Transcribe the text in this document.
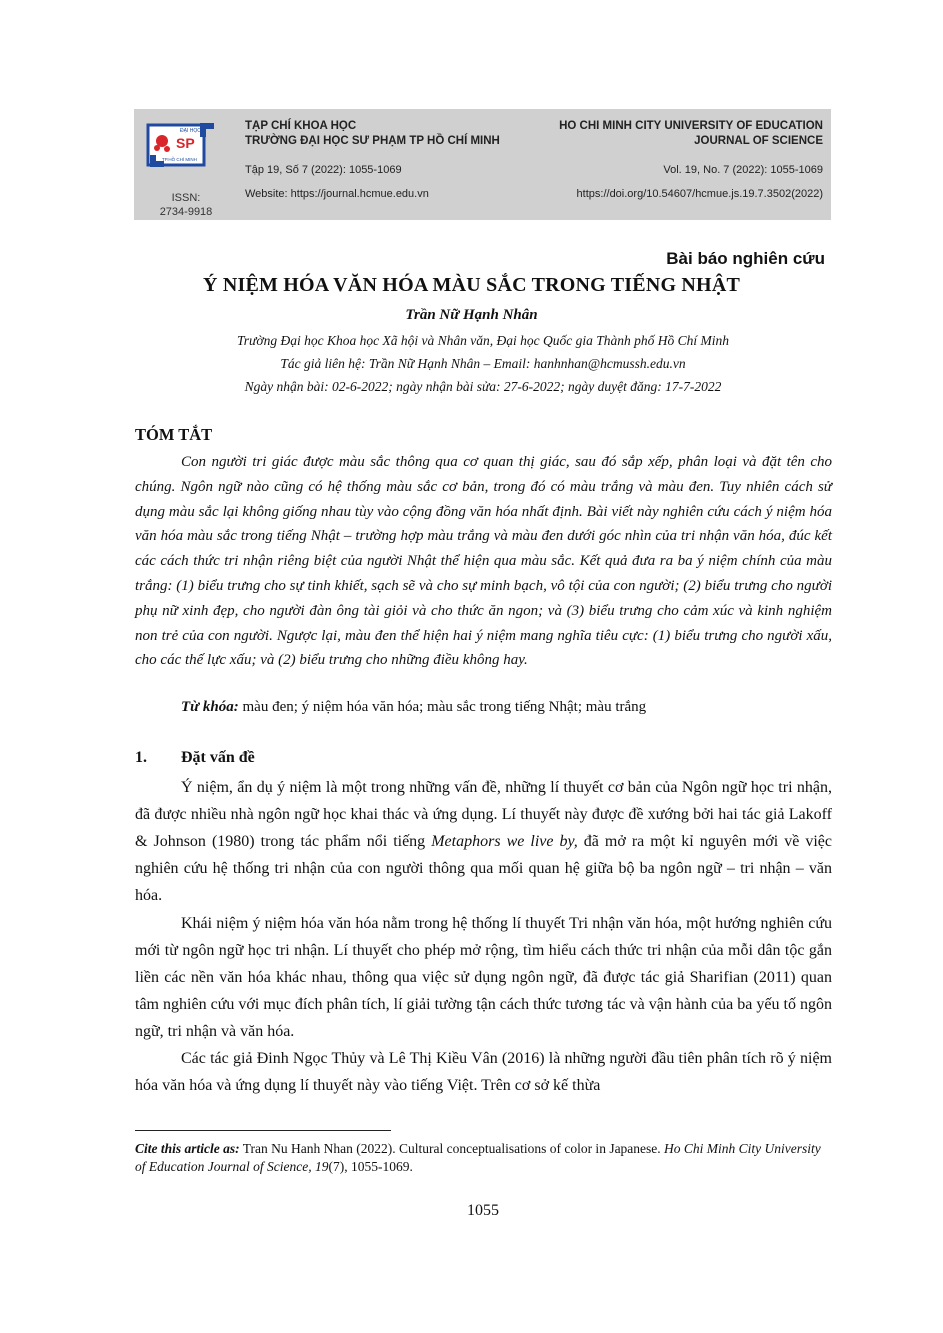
ĐẠI HỌC
SP
TP.HỒ CHÍ MINH
ISSN:
2734-9918
TẠP CHÍ KHOA HỌC
TRƯỜNG ĐẠI HỌC SƯ PHẠM TP HỒ CHÍ MINH
Tập 19, Số 7 (2022): 1055-1069
Website: https://journal.hcmue.edu.vn
HO CHI MINH CITY UNIVERSITY OF EDUCATION
JOURNAL OF SCIENCE
Vol. 19, No. 7 (2022): 1055-1069
https://doi.org/10.54607/hcmue.js.19.7.3502(2022)
Bài báo nghiên cứu
Ý NIỆM HÓA VĂN HÓA MÀU SẮC TRONG TIẾNG NHẬT
Trần Nữ Hạnh Nhân
Trường Đại học Khoa học Xã hội và Nhân văn, Đại học Quốc gia Thành phố Hồ Chí Minh
Tác giả liên hệ: Trần Nữ Hạnh Nhân – Email: hanhnhan@hcmussh.edu.vn
Ngày nhận bài: 02-6-2022; ngày nhận bài sửa: 27-6-2022; ngày duyệt đăng: 17-7-2022
TÓM TẮT

Con người tri giác được màu sắc thông qua cơ quan thị giác, sau đó sắp xếp, phân loại và đặt tên cho chúng. Ngôn ngữ nào cũng có hệ thống màu sắc cơ bản, trong đó có màu trắng và màu đen. Tuy nhiên cách sử dụng màu sắc lại không giống nhau tùy vào cộng đồng văn hóa nhất định. Bài viết này nghiên cứu cách ý niệm hóa văn hóa màu sắc trong tiếng Nhật – trường hợp màu trắng và màu đen dưới góc nhìn của tri nhận văn hóa, đúc kết các cách thức tri nhận riêng biệt của người Nhật thể hiện qua màu sắc. Kết quả đưa ra ba ý niệm chính của màu trắng: (1) biểu trưng cho sự tinh khiết, sạch sẽ và cho sự minh bạch, vô tội của con người; (2) biểu trưng cho người phụ nữ xinh đẹp, cho người đàn ông tài giỏi và cho thức ăn ngon; và (3) biểu trưng cho cảm xúc và kinh nghiệm non trẻ của con người. Ngược lại, màu đen thể hiện hai ý niệm mang nghĩa tiêu cực: (1) biểu trưng cho người xấu, cho các thế lực xấu; và (2) biểu trưng cho những điều không hay.

Từ khóa: màu đen; ý niệm hóa văn hóa; màu sắc trong tiếng Nhật; màu trắng
1. Đặt vấn đề

Ý niệm, ẩn dụ ý niệm là một trong những vấn đề, những lí thuyết cơ bản của Ngôn ngữ học tri nhận, đã được nhiều nhà ngôn ngữ học khai thác và ứng dụng. Lí thuyết này được đề xướng bởi hai tác giả Lakoff & Johnson (1980) trong tác phẩm nổi tiếng Metaphors we live by, đã mở ra một kỉ nguyên mới về việc nghiên cứu hệ thống tri nhận của con người thông qua mối quan hệ giữa bộ ba ngôn ngữ – tri nhận – văn hóa.

Khái niệm ý niệm hóa văn hóa nằm trong hệ thống lí thuyết Tri nhận văn hóa, một hướng nghiên cứu mới từ ngôn ngữ học tri nhận. Lí thuyết cho phép mở rộng, tìm hiểu cách thức tri nhận của mỗi dân tộc gắn liền các nền văn hóa khác nhau, thông qua việc sử dụng ngôn ngữ, đã được tác giả Sharifian (2011) quan tâm nghiên cứu với mục đích phân tích, lí giải tường tận cách thức tương tác và vận hành của ba yếu tố ngôn ngữ, tri nhận và văn hóa.

Các tác giả Đinh Ngọc Thủy và Lê Thị Kiều Vân (2016) là những người đầu tiên phân tích rõ ý niệm hóa văn hóa và ứng dụng lí thuyết này vào tiếng Việt. Trên cơ sở kế thừa

Cite this article as: Tran Nu Hanh Nhan (2022). Cultural conceptualisations of color in Japanese. Ho Chi Minh City University of Education Journal of Science, 19(7), 1055-1069.

1055
